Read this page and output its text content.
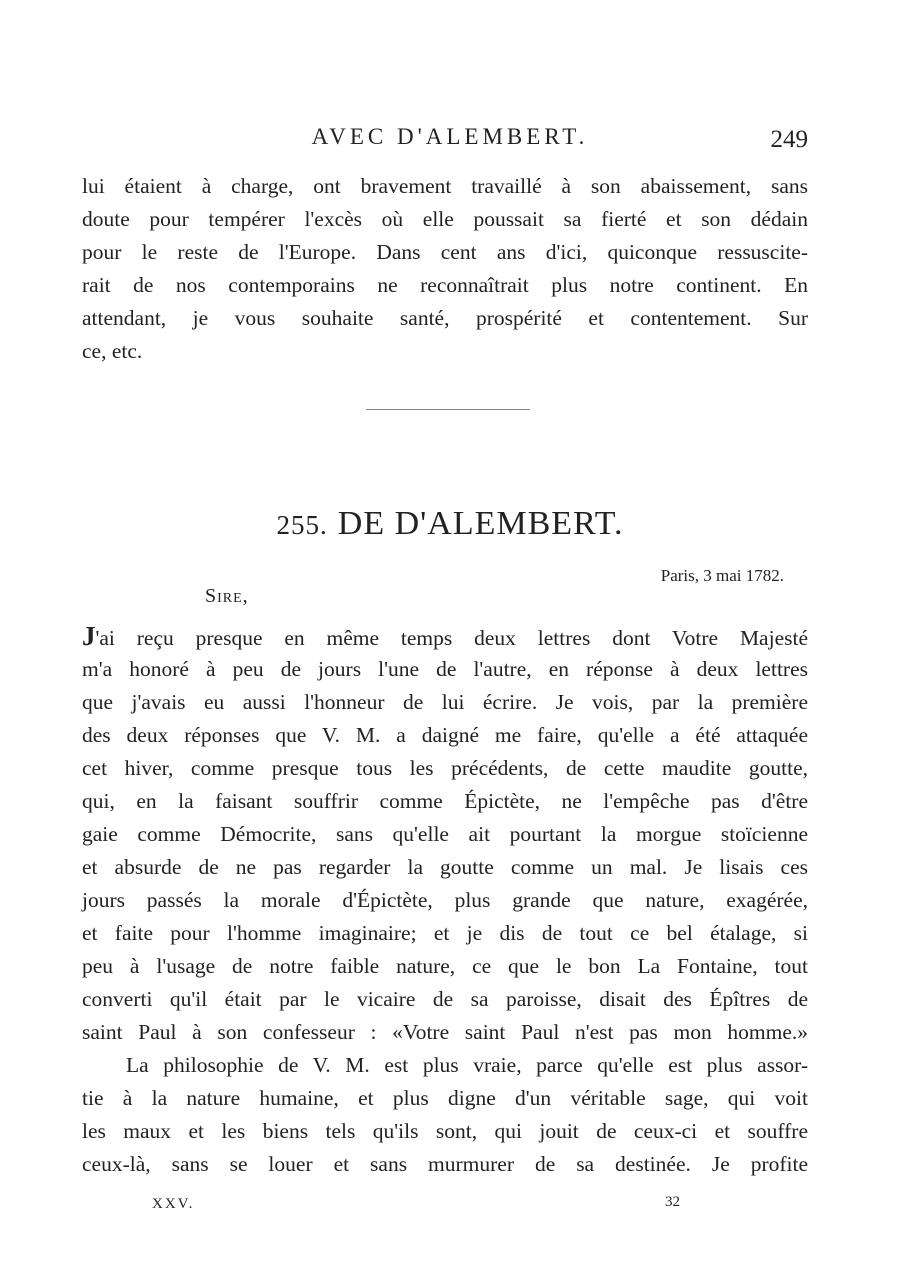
AVEC D'ALEMBERT.	249
lui étaient à charge, ont bravement travaillé à son abaissement, sans
doute pour tempérer l'excès où elle poussait sa fierté et son dédain
pour le reste de l'Europe. Dans cent ans d'ici, quiconque ressuscite-
rait de nos contemporains ne reconnaîtrait plus notre continent. En
attendant, je vous souhaite santé, prospérité et contentement. Sur
ce, etc.
255. DE D'ALEMBERT.
Paris, 3 mai 1782.
Sire,
J'ai reçu presque en même temps deux lettres dont Votre Majesté
m'a honoré à peu de jours l'une de l'autre, en réponse à deux lettres
que j'avais eu aussi l'honneur de lui écrire. Je vois, par la première
des deux réponses que V. M. a daigné me faire, qu'elle a été attaquée
cet hiver, comme presque tous les précédents, de cette maudite goutte,
qui, en la faisant souffrir comme Épictète, ne l'empêche pas d'être
gaie comme Démocrite, sans qu'elle ait pourtant la morgue stoïcienne
et absurde de ne pas regarder la goutte comme un mal. Je lisais ces
jours passés la morale d'Épictète, plus grande que nature, exagérée,
et faite pour l'homme imaginaire; et je dis de tout ce bel étalage, si
peu à l'usage de notre faible nature, ce que le bon La Fontaine, tout
converti qu'il était par le vicaire de sa paroisse, disait des Épîtres de
saint Paul à son confesseur : «Votre saint Paul n'est pas mon homme.»
La philosophie de V. M. est plus vraie, parce qu'elle est plus assor-
tie à la nature humaine, et plus digne d'un véritable sage, qui voit
les maux et les biens tels qu'ils sont, qui jouit de ceux-ci et souffre
ceux-là, sans se louer et sans murmurer de sa destinée. Je profite
XXV.	32
